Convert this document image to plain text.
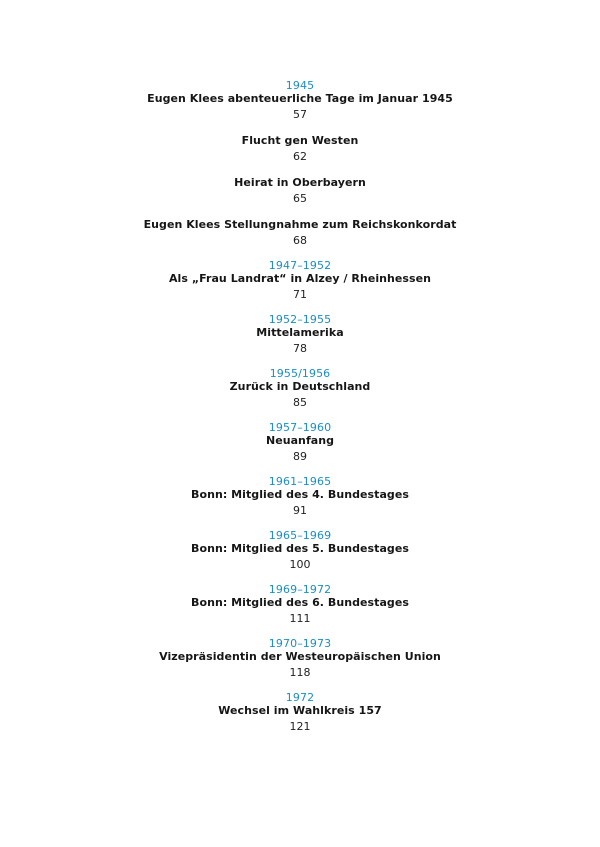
1945
Eugen Klees abenteuerliche Tage im Januar 1945
57
Flucht gen Westen
62
Heirat in Oberbayern
65
Eugen Klees Stellungnahme zum Reichskonkordat
68
1947–1952
Als „Frau Landrat“ in Alzey / Rheinhessen
71
1952–1955
Mittelamerika
78
1955/1956
Zurück in Deutschland
85
1957–1960
Neuanfang
89
1961–1965
Bonn: Mitglied des 4. Bundestages
91
1965–1969
Bonn: Mitglied des 5. Bundestages
100
1969–1972
Bonn: Mitglied des 6. Bundestages
111
1970–1973
Vizepräsidentin der Westeuropäischen Union
118
1972
Wechsel im Wahlkreis 157
121
